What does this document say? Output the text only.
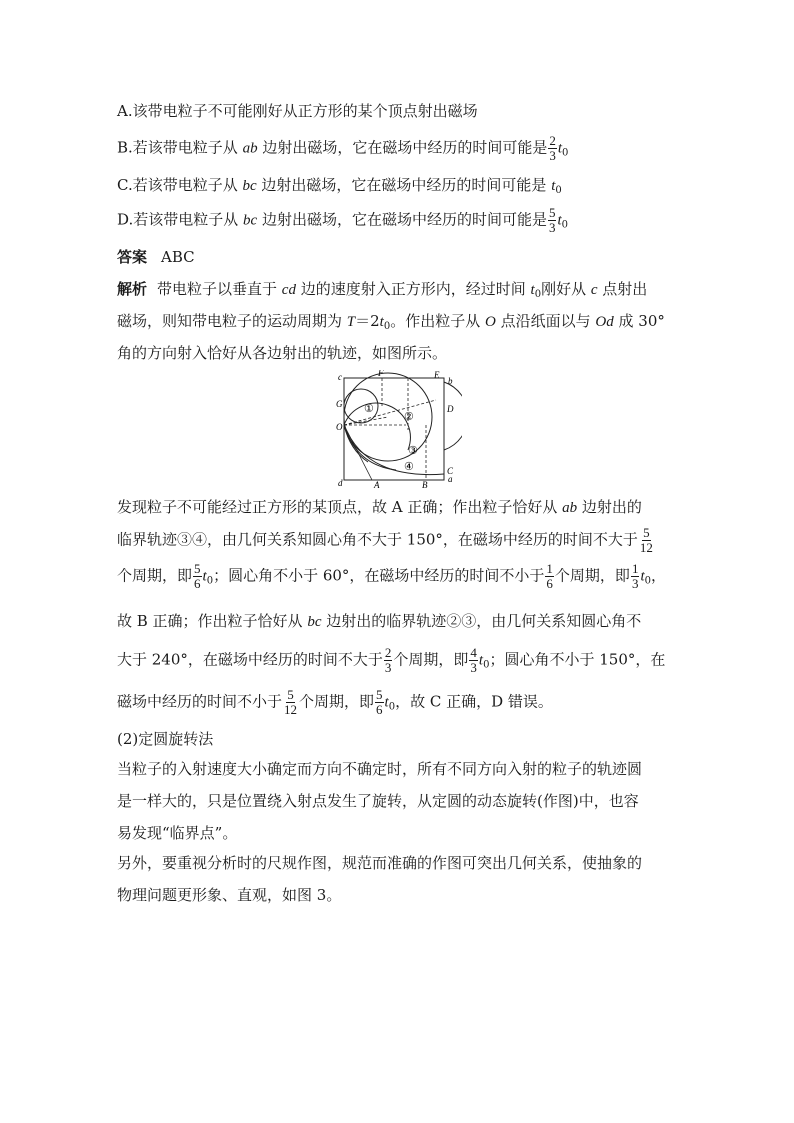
A.该带电粒子不可能刚好从正方形的某个顶点射出磁场
B.若该带电粒子从 ab 边射出磁场，它在磁场中经历的时间可能是 $\frac{2}{3} t_0$
C.若该带电粒子从 bc 边射出磁场，它在磁场中经历的时间可能是 $t_0$
D.若该带电粒子从 bc 边射出磁场，它在磁场中经历的时间可能是 $\frac{5}{3} t_0$
答案 ABC
解析 带电粒子以垂直于 cd 边的速度射入正方形内，经过时间 $t_0$刚好从 c 点射出
磁场，则知带电粒子的运动周期为 $T=2t_0$。作出粒子从 O 点沿纸面以与 Od 成 30°
角的方向射入恰好从各边射出的轨迹，如图所示。
c	b
d	a
F	E
G	D
O
A	B
C
①
②
③
④
发现粒子不可能经过正方形的某顶点，故 A 正确；作出粒子恰好从 ab 边射出的
临界轨迹③④，由几何关系知圆心角不大于 150°，在磁场中经历的时间不大于 $\frac{5}{12}$
个周期，即 $\frac{5}{6} t_0$；圆心角不小于 60°，在磁场中经历的时间不小于 $\frac{1}{6}$ 个周期，即 $\frac{1}{3} t_0$，
故 B 正确；作出粒子恰好从 bc 边射出的临界轨迹②③，由几何关系知圆心角不
大于 240°，在磁场中经历的时间不大于 $\frac{2}{3}$ 个周期，即 $\frac{4}{3} t_0$；圆心角不小于 150°，在
磁场中经历的时间不小于 $\frac{5}{12}$ 个周期，即 $\frac{5}{6} t_0$，故 C 正确，D 错误。
(2)定圆旋转法
当粒子的入射速度大小确定而方向不确定时，所有不同方向入射的粒子的轨迹圆
是一样大的，只是位置绕入射点发生了旋转，从定圆的动态旋转(作图)中，也容
易发现“临界点”。
另外，要重视分析时的尺规作图，规范而准确的作图可突出几何关系，使抽象的
物理问题更形象、直观，如图 3。
